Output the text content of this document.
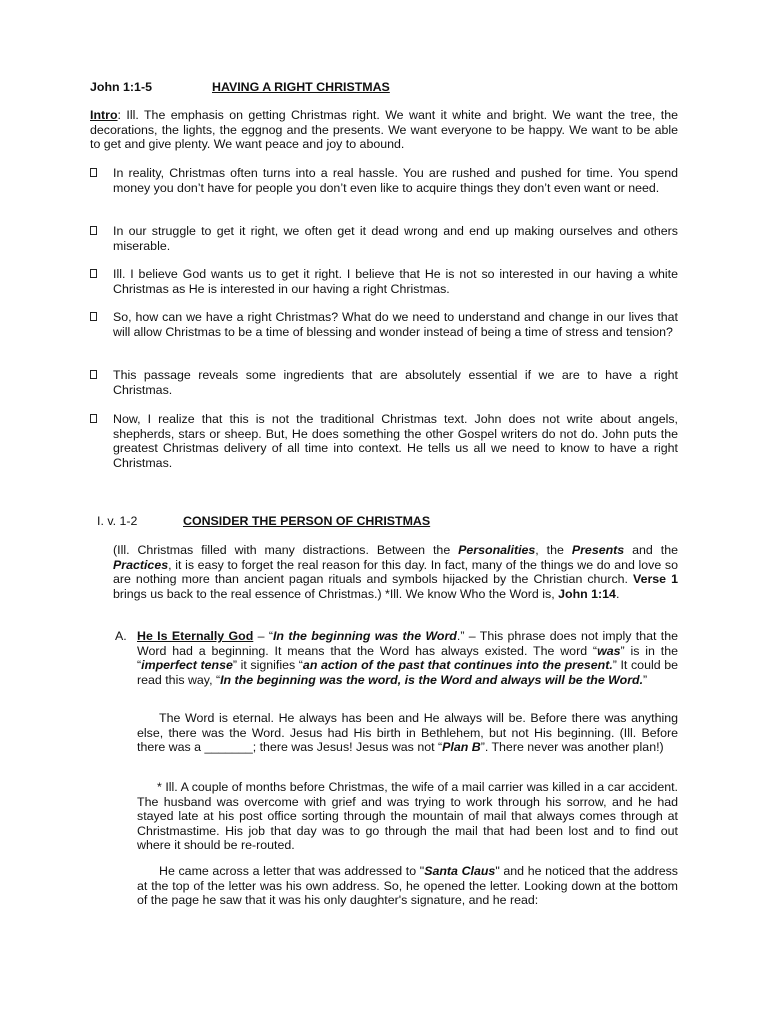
John 1:1-5	HAVING A RIGHT CHRISTMAS
Intro: Ill. The emphasis on getting Christmas right. We want it white and bright. We want the tree, the decorations, the lights, the eggnog and the presents. We want everyone to be happy. We want to be able to get and give plenty. We want peace and joy to abound.
In reality, Christmas often turns into a real hassle. You are rushed and pushed for time. You spend money you don’t have for people you don’t even like to acquire things they don’t even want or need.
In our struggle to get it right, we often get it dead wrong and end up making ourselves and others miserable.
Ill. I believe God wants us to get it right. I believe that He is not so interested in our having a white Christmas as He is interested in our having a right Christmas.
So, how can we have a right Christmas? What do we need to understand and change in our lives that will allow Christmas to be a time of blessing and wonder instead of being a time of stress and tension?
This passage reveals some ingredients that are absolutely essential if we are to have a right Christmas.
Now, I realize that this is not the traditional Christmas text. John does not write about angels, shepherds, stars or sheep. But, He does something the other Gospel writers do not do. John puts the greatest Christmas delivery of all time into context. He tells us all we need to know to have a right Christmas.
I. v. 1-2	CONSIDER THE PERSON OF CHRISTMAS
(Ill. Christmas filled with many distractions. Between the Personalities, the Presents and the Practices, it is easy to forget the real reason for this day. In fact, many of the things we do and love so are nothing more than ancient pagan rituals and symbols hijacked by the Christian church. Verse 1 brings us back to the real essence of Christmas.) *Ill. We know Who the Word is, John 1:14.
A. He Is Eternally God – “In the beginning was the Word.” – This phrase does not imply that the Word had a beginning. It means that the Word has always existed. The word “was” is in the “imperfect tense” it signifies “an action of the past that continues into the present.” It could be read this way, “In the beginning was the word, is the Word and always will be the Word.”
The Word is eternal. He always has been and He always will be. Before there was anything else, there was the Word. Jesus had His birth in Bethlehem, but not His beginning. (Ill. Before there was a _______; there was Jesus! Jesus was not “Plan B”. There never was another plan!)
* Ill. A couple of months before Christmas, the wife of a mail carrier was killed in a car accident. The husband was overcome with grief and was trying to work through his sorrow, and he had stayed late at his post office sorting through the mountain of mail that always comes through at Christmastime. His job that day was to go through the mail that had been lost and to find out where it should be re-routed.
He came across a letter that was addressed to "Santa Claus" and he noticed that the address at the top of the letter was his own address. So, he opened the letter. Looking down at the bottom of the page he saw that it was his only daughter's signature, and he read:
